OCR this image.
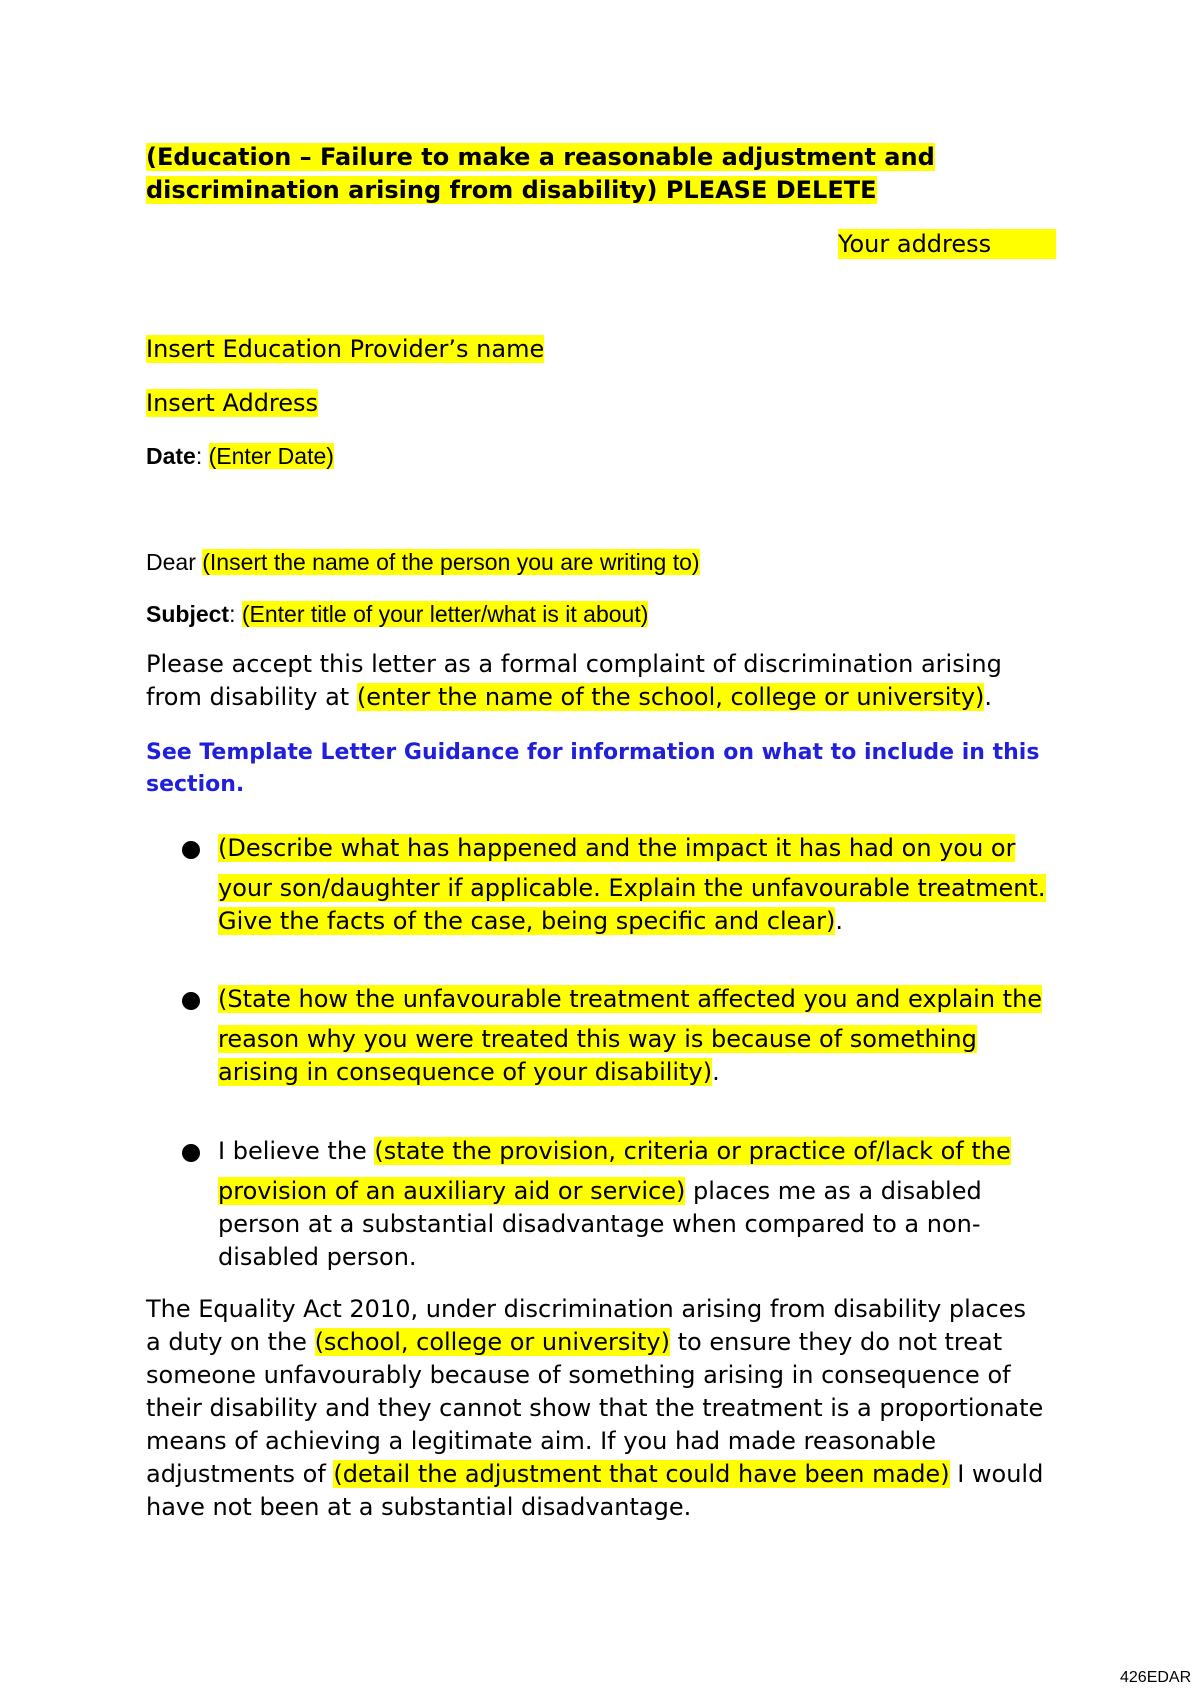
(Education – Failure to make a reasonable adjustment and
discrimination arising from disability) PLEASE DELETE
Your address
Insert Education Provider’s name
Insert Address
Date: (Enter Date)
Dear (Insert the name of the person you are writing to)
Subject: (Enter title of your letter/what is it about)
Please accept this letter as a formal complaint of discrimination arising
from disability at (enter the name of the school, college or university).
See Template Letter Guidance for information on what to include in this
section.
(Describe what has happened and the impact it has had on you or
your son/daughter if applicable. Explain the unfavourable treatment.
Give the facts of the case, being specific and clear).
(State how the unfavourable treatment affected you and explain the
reason why you were treated this way is because of something
arising in consequence of your disability).
I believe the (state the provision, criteria or practice of/lack of the
provision of an auxiliary aid or service) places me as a disabled
person at a substantial disadvantage when compared to a non-
disabled person.
The Equality Act 2010, under discrimination arising from disability places
a duty on the (school, college or university) to ensure they do not treat
someone unfavourably because of something arising in consequence of
their disability and they cannot show that the treatment is a proportionate
means of achieving a legitimate aim. If you had made reasonable
adjustments of (detail the adjustment that could have been made) I would
have not been at a substantial disadvantage.
426EDAR
